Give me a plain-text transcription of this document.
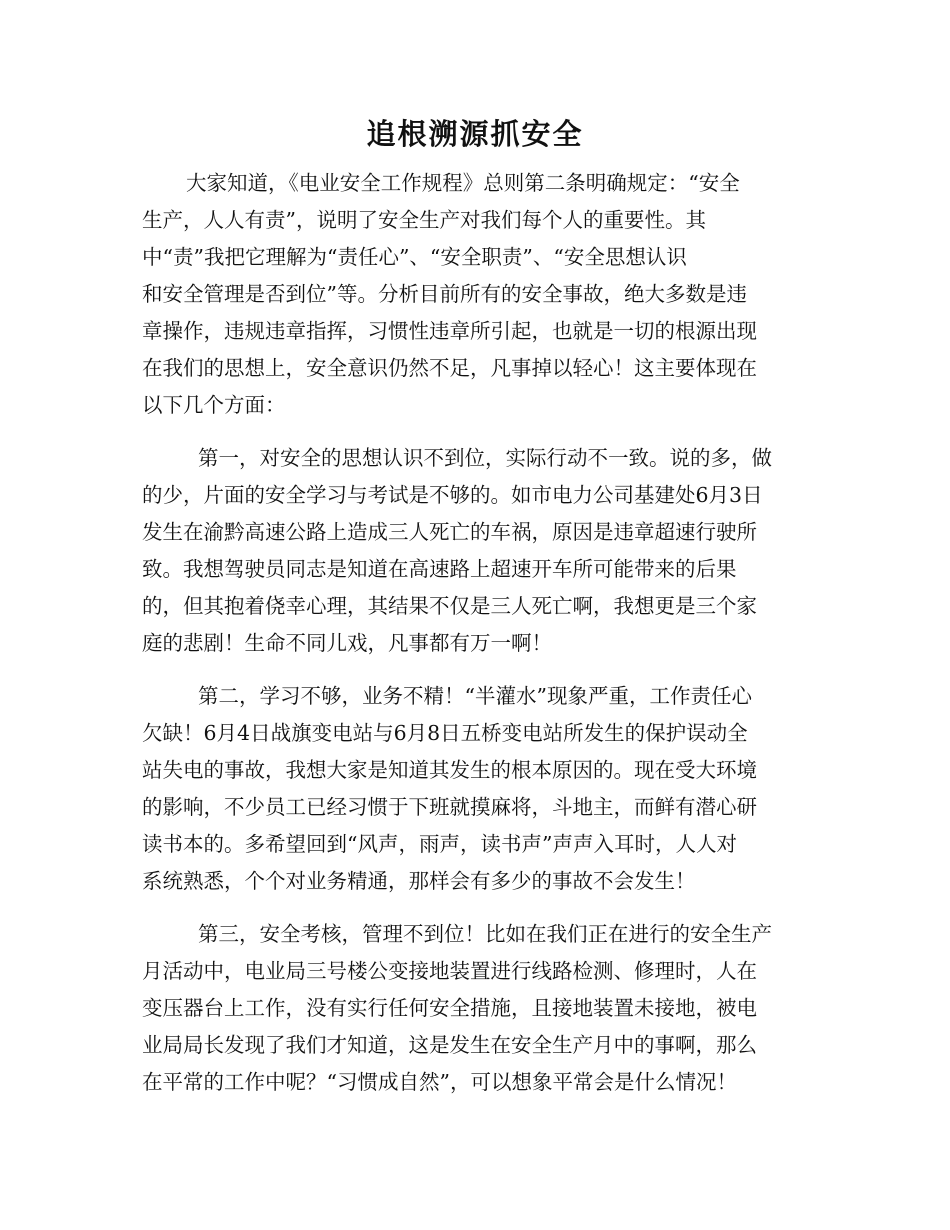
追根溯源抓安全
大家知道，《电业安全工作规程》总则第二条明确规定：“安全
生产，人人有责”，说明了安全生产对我们每个人的重要性。其
中“责”我把它理解为“责任心”、“安全职责”、“安全思想认识
和安全管理是否到位”等。分析目前所有的安全事故，绝大多数是违
章操作，违规违章指挥，习惯性违章所引起，也就是一切的根源出现
在我们的思想上，安全意识仍然不足，凡事掉以轻心！这主要体现在
以下几个方面：
第一，对安全的思想认识不到位，实际行动不一致。说的多，做
的少，片面的安全学习与考试是不够的。如市电力公司基建处6月3日
发生在渝黔高速公路上造成三人死亡的车祸，原因是违章超速行驶所
致。我想驾驶员同志是知道在高速路上超速开车所可能带来的后果
的，但其抱着侥幸心理，其结果不仅是三人死亡啊，我想更是三个家
庭的悲剧！生命不同儿戏，凡事都有万一啊！
第二，学习不够，业务不精！“半灌水”现象严重，工作责任心
欠缺！6月4日战旗变电站与6月8日五桥变电站所发生的保护误动全
站失电的事故，我想大家是知道其发生的根本原因的。现在受大环境
的影响，不少员工已经习惯于下班就摸麻将，斗地主，而鲜有潜心研
读书本的。多希望回到“风声，雨声，读书声”声声入耳时，人人对
系统熟悉，个个对业务精通，那样会有多少的事故不会发生！
第三，安全考核，管理不到位！比如在我们正在进行的安全生产
月活动中，电业局三号楼公变接地装置进行线路检测、修理时，人在
变压器台上工作，没有实行任何安全措施，且接地装置未接地，被电
业局局长发现了我们才知道，这是发生在安全生产月中的事啊，那么
在平常的工作中呢？“习惯成自然”，可以想象平常会是什么情况！
